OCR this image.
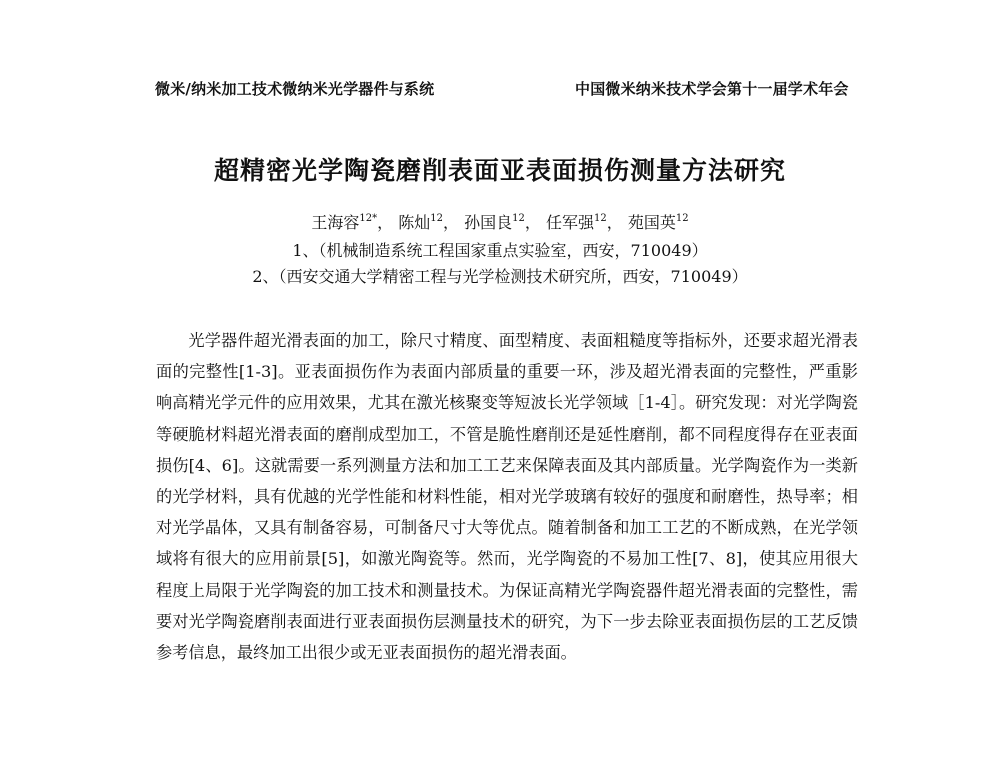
微米/纳米加工技术微纳米光学器件与系统	中国微米纳米技术学会第十一届学术年会
超精密光学陶瓷磨削表面亚表面损伤测量方法研究
王海容$^{12*}$， 陈灿$^{12}$， 孙国良$^{12}$， 任军强$^{12}$， 苑国英$^{12}$
1、（机械制造系统工程国家重点实验室，西安，710049）
2、（西安交通大学精密工程与光学检测技术研究所，西安，710049）

光学器件超光滑表面的加工，除尺寸精度、面型精度、表面粗糙度等指标外，还要求超光滑表面的完整性[1-3]。亚表面损伤作为表面内部质量的重要一环，涉及超光滑表面的完整性，严重影响高精光学元件的应用效果，尤其在激光核聚变等短波长光学领域［1-4］。研究发现：对光学陶瓷等硬脆材料超光滑表面的磨削成型加工，不管是脆性磨削还是延性磨削，都不同程度得存在亚表面损伤[4、6]。这就需要一系列测量方法和加工工艺来保障表面及其内部质量。光学陶瓷作为一类新的光学材料，具有优越的光学性能和材料性能，相对光学玻璃有较好的强度和耐磨性，热导率；相对光学晶体，又具有制备容易，可制备尺寸大等优点。随着制备和加工工艺的不断成熟，在光学领域将有很大的应用前景[5]，如激光陶瓷等。然而，光学陶瓷的不易加工性[7、8]，使其应用很大程度上局限于光学陶瓷的加工技术和测量技术。为保证高精光学陶瓷器件超光滑表面的完整性，需要对光学陶瓷磨削表面进行亚表面损伤层测量技术的研究，为下一步去除亚表面损伤层的工艺反馈参考信息，最终加工出很少或无亚表面损伤的超光滑表面。
